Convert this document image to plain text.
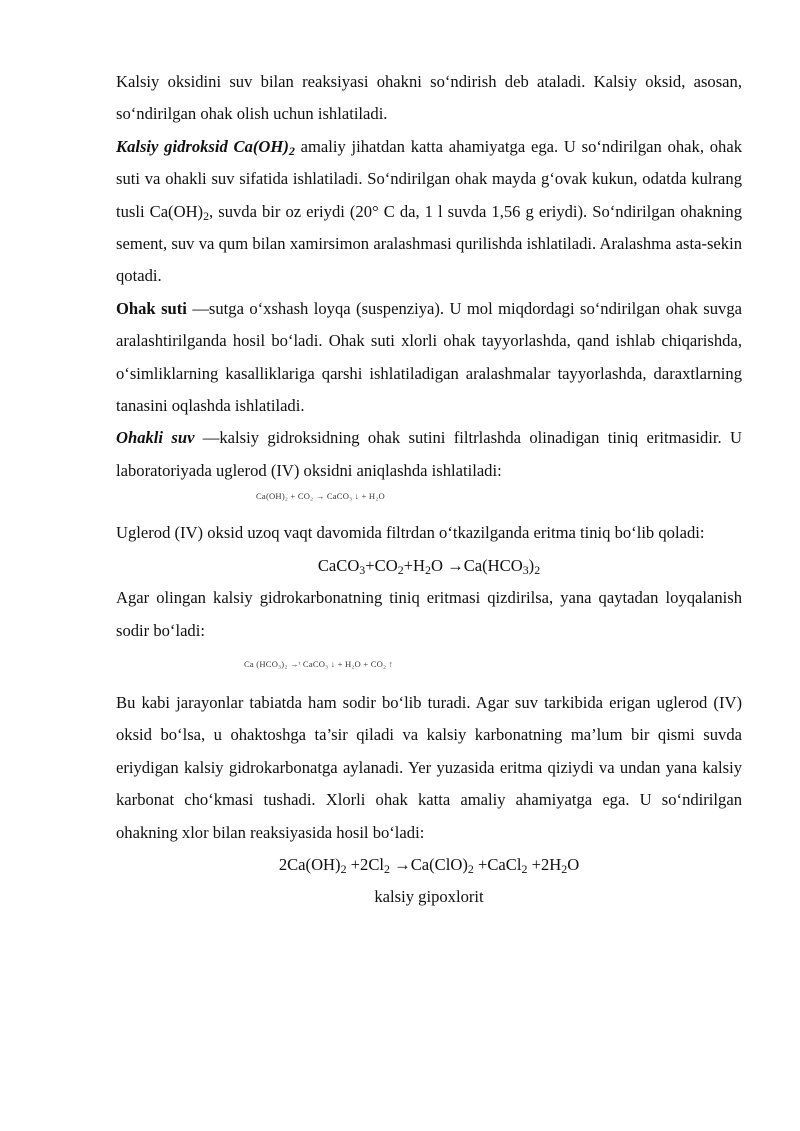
Kalsiy oksidini suv bilan reaksiyasi ohakni so‘ndirish deb ataladi. Kalsiy oksid, asosan, so‘ndirilgan ohak olish uchun ishlatiladi.

Kalsiy gidroksid $Ca(OH)_2$ amaliy jihatdan katta ahamiyatga ega. U so‘ndirilgan ohak, ohak suti va ohakli suv sifatida ishlatiladi. So‘ndirilgan ohak mayda g‘ovak kukun, odatda kulrang tusli $Ca(OH)_2$, suvda bir oz eriydi (20° C da, 1 l suvda 1,56 g eriydi). So‘ndirilgan ohakning sement, suv va qum bilan xamirsimon aralashmasi qurilishda ishlatiladi. Aralashma asta-sekin qotadi.

Ohak suti —sutga o‘xshash loyqa (suspenziya). U mol miqdordagi so‘ndirilgan ohak suvga aralashtirilganda hosil bo‘ladi. Ohak suti xlorli ohak tayyorlashda, qand ishlab chiqarishda, o‘simliklarning kasalliklariga qarshi ishlatiladigan aralashmalar tayyorlashda, daraxtlarning tanasini oqlashda ishlatiladi.

Ohakli suv —kalsiy gidroksidning ohak sutini filtrlashda olinadigan tiniq eritmasidir. U laboratoriyada uglerod (IV) oksidni aniqlashda ishlatiladi:

Ca(OH)₂ + CO₂ → CaCO₃ ↓ + H₂O

Uglerod (IV) oksid uzoq vaqt davomida filtrdan o‘tkazilganda eritma tiniq bo‘lib qoladi:

$CaCO_3+CO_2+H_2O \to Ca(HCO_3)_2$

Agar olingan kalsiy gidrokarbonatning tiniq eritmasi qizdirilsa, yana qaytadan loyqalanish sodir bo‘ladi:

Ca (HCO₃)₂ →ᵗ CaCO₃ ↓ + H₂O + CO₂ ↑

Bu kabi jarayonlar tabiatda ham sodir bo‘lib turadi. Agar suv tarkibida erigan uglerod (IV) oksid bo‘lsa, u ohaktoshga ta’sir qiladi va kalsiy karbonatning ma’lum bir qismi suvda eriydigan kalsiy gidrokarbonatga aylanadi. Yer yuzasida eritma qiziydi va undan yana kalsiy karbonat cho‘kmasi tushadi. Xlorli ohak katta amaliy ahamiyatga ega. U so‘ndirilgan ohakning xlor bilan reaksiyasida hosil bo‘ladi:

$2Ca(OH)_2 +2Cl_2 \to Ca(ClO)_2$ +CaCl$_2$ $+2H_2O$

kalsiy gipoxlorit
